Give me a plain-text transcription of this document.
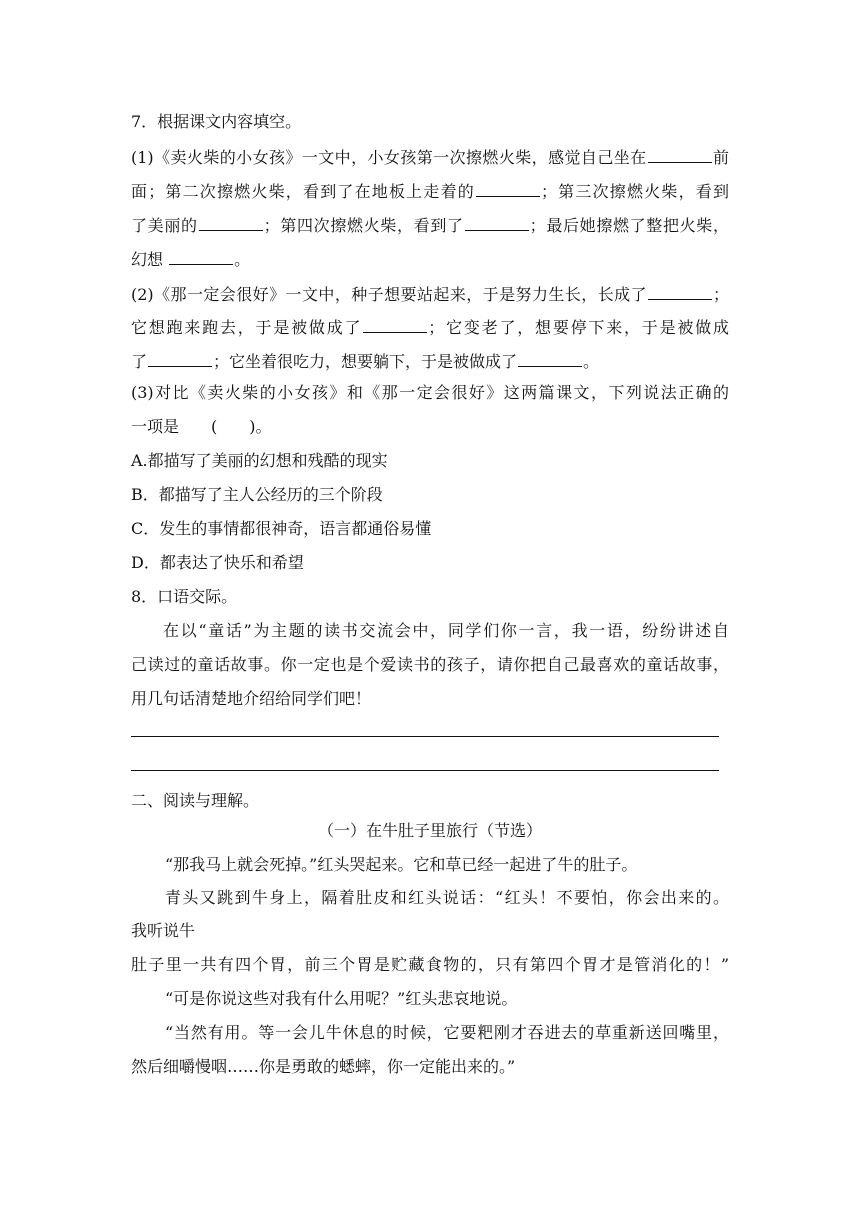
7．根据课文内容填空。
(1)《卖火柴的小女孩》一文中，小女孩第一次擦燃火柴，感觉自己坐在	前
面；第二次擦燃火柴，看到了在地板上走着的	；第三次擦燃火柴，看到
了美丽的	；第四次擦燃火柴，看到了	；最后她擦燃了整把火柴，
幻想	。
(2)《那一定会很好》一文中，种子想要站起来，于是努力生长，长成了	；
它想跑来跑去，于是被做成了	；它变老了，想要停下来，于是被做成
了	；它坐着很吃力，想要躺下，于是被做成了	。
(3)对比《卖火柴的小女孩》和《那一定会很好》这两篇课文，下列说法正确的
一项是　　(　　)。
A.都描写了美丽的幻想和残酷的现实
B．都描写了主人公经历的三个阶段
C．发生的事情都很神奇，语言都通俗易懂
D．都表达了快乐和希望
8．口语交际。
在以“童话”为主题的读书交流会中，同学们你一言，我一语，纷纷讲述自
己读过的童话故事。你一定也是个爱读书的孩子，请你把自己最喜欢的童话故事，
用几句话清楚地介绍给同学们吧！
二、阅读与理解。
（一）在牛肚子里旅行（节选）
“那我马上就会死掉。”红头哭起来。它和草已经一起进了牛的肚子。
青头又跳到牛身上，隔着肚皮和红头说话：“红头！不要怕，你会出来的。
我听说牛
肚子里一共有四个胃，前三个胃是贮藏食物的，只有第四个胃才是管消化的！”
“可是你说这些对我有什么用呢？”红头悲哀地说。
“当然有用。等一会儿牛休息的时候，它要粑刚才吞进去的草重新送回嘴里，
然后细嚼慢咽……你是勇敢的蟋蟀，你一定能出来的。”
